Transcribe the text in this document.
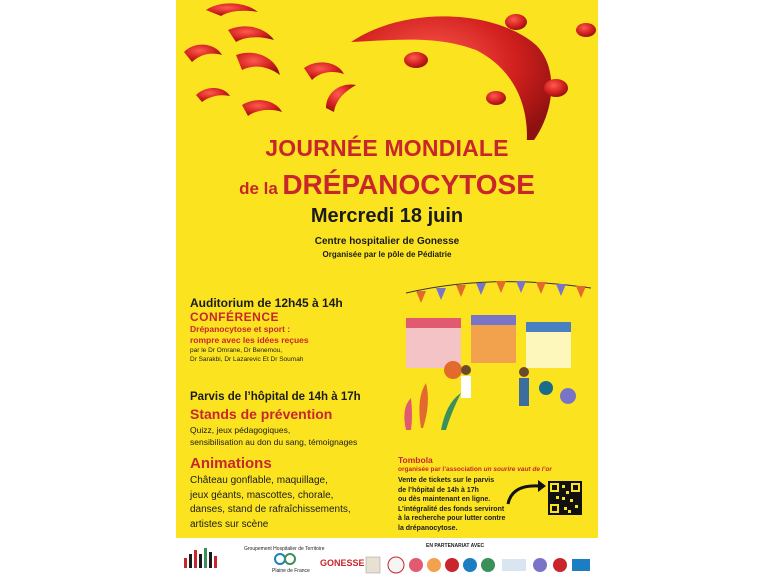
JOURNÉE MONDIALE
de la DRÉPANOCYTOSE
Mercredi 18 juin
Centre hospitalier de Gonesse
Organisée par le pôle de Pédiatrie
Auditorium de 12h45 à 14h
CONFÉRENCE
Drépanocytose et sport :
rompre avec les idées reçues
par le Dr Omrane, Dr Benemou,
Dr Sarakbi, Dr Lazarevic Et Dr Soumah
Parvis de l’hôpital de 14h à 17h
Stands de prévention
Quizz, jeux pédagogiques,
sensibilisation au don du sang, témoignages
Animations
Château gonflable, maquillage,
jeux géants, mascottes, chorale,
danses, stand de rafraîchissements,
artistes sur scène
Tombola
organisée par l’association un sourire vaut de l’or
Vente de tickets sur le parvis
de l’hôpital de 14h à 17h
ou dès maintenant en ligne.
L’intégralité des fonds serviront
à la recherche pour lutter contre
la drépanocytose.
Groupement Hospitalier de Territoire
Plaine de France
EN PARTENARIAT AVEC
GONESSE
